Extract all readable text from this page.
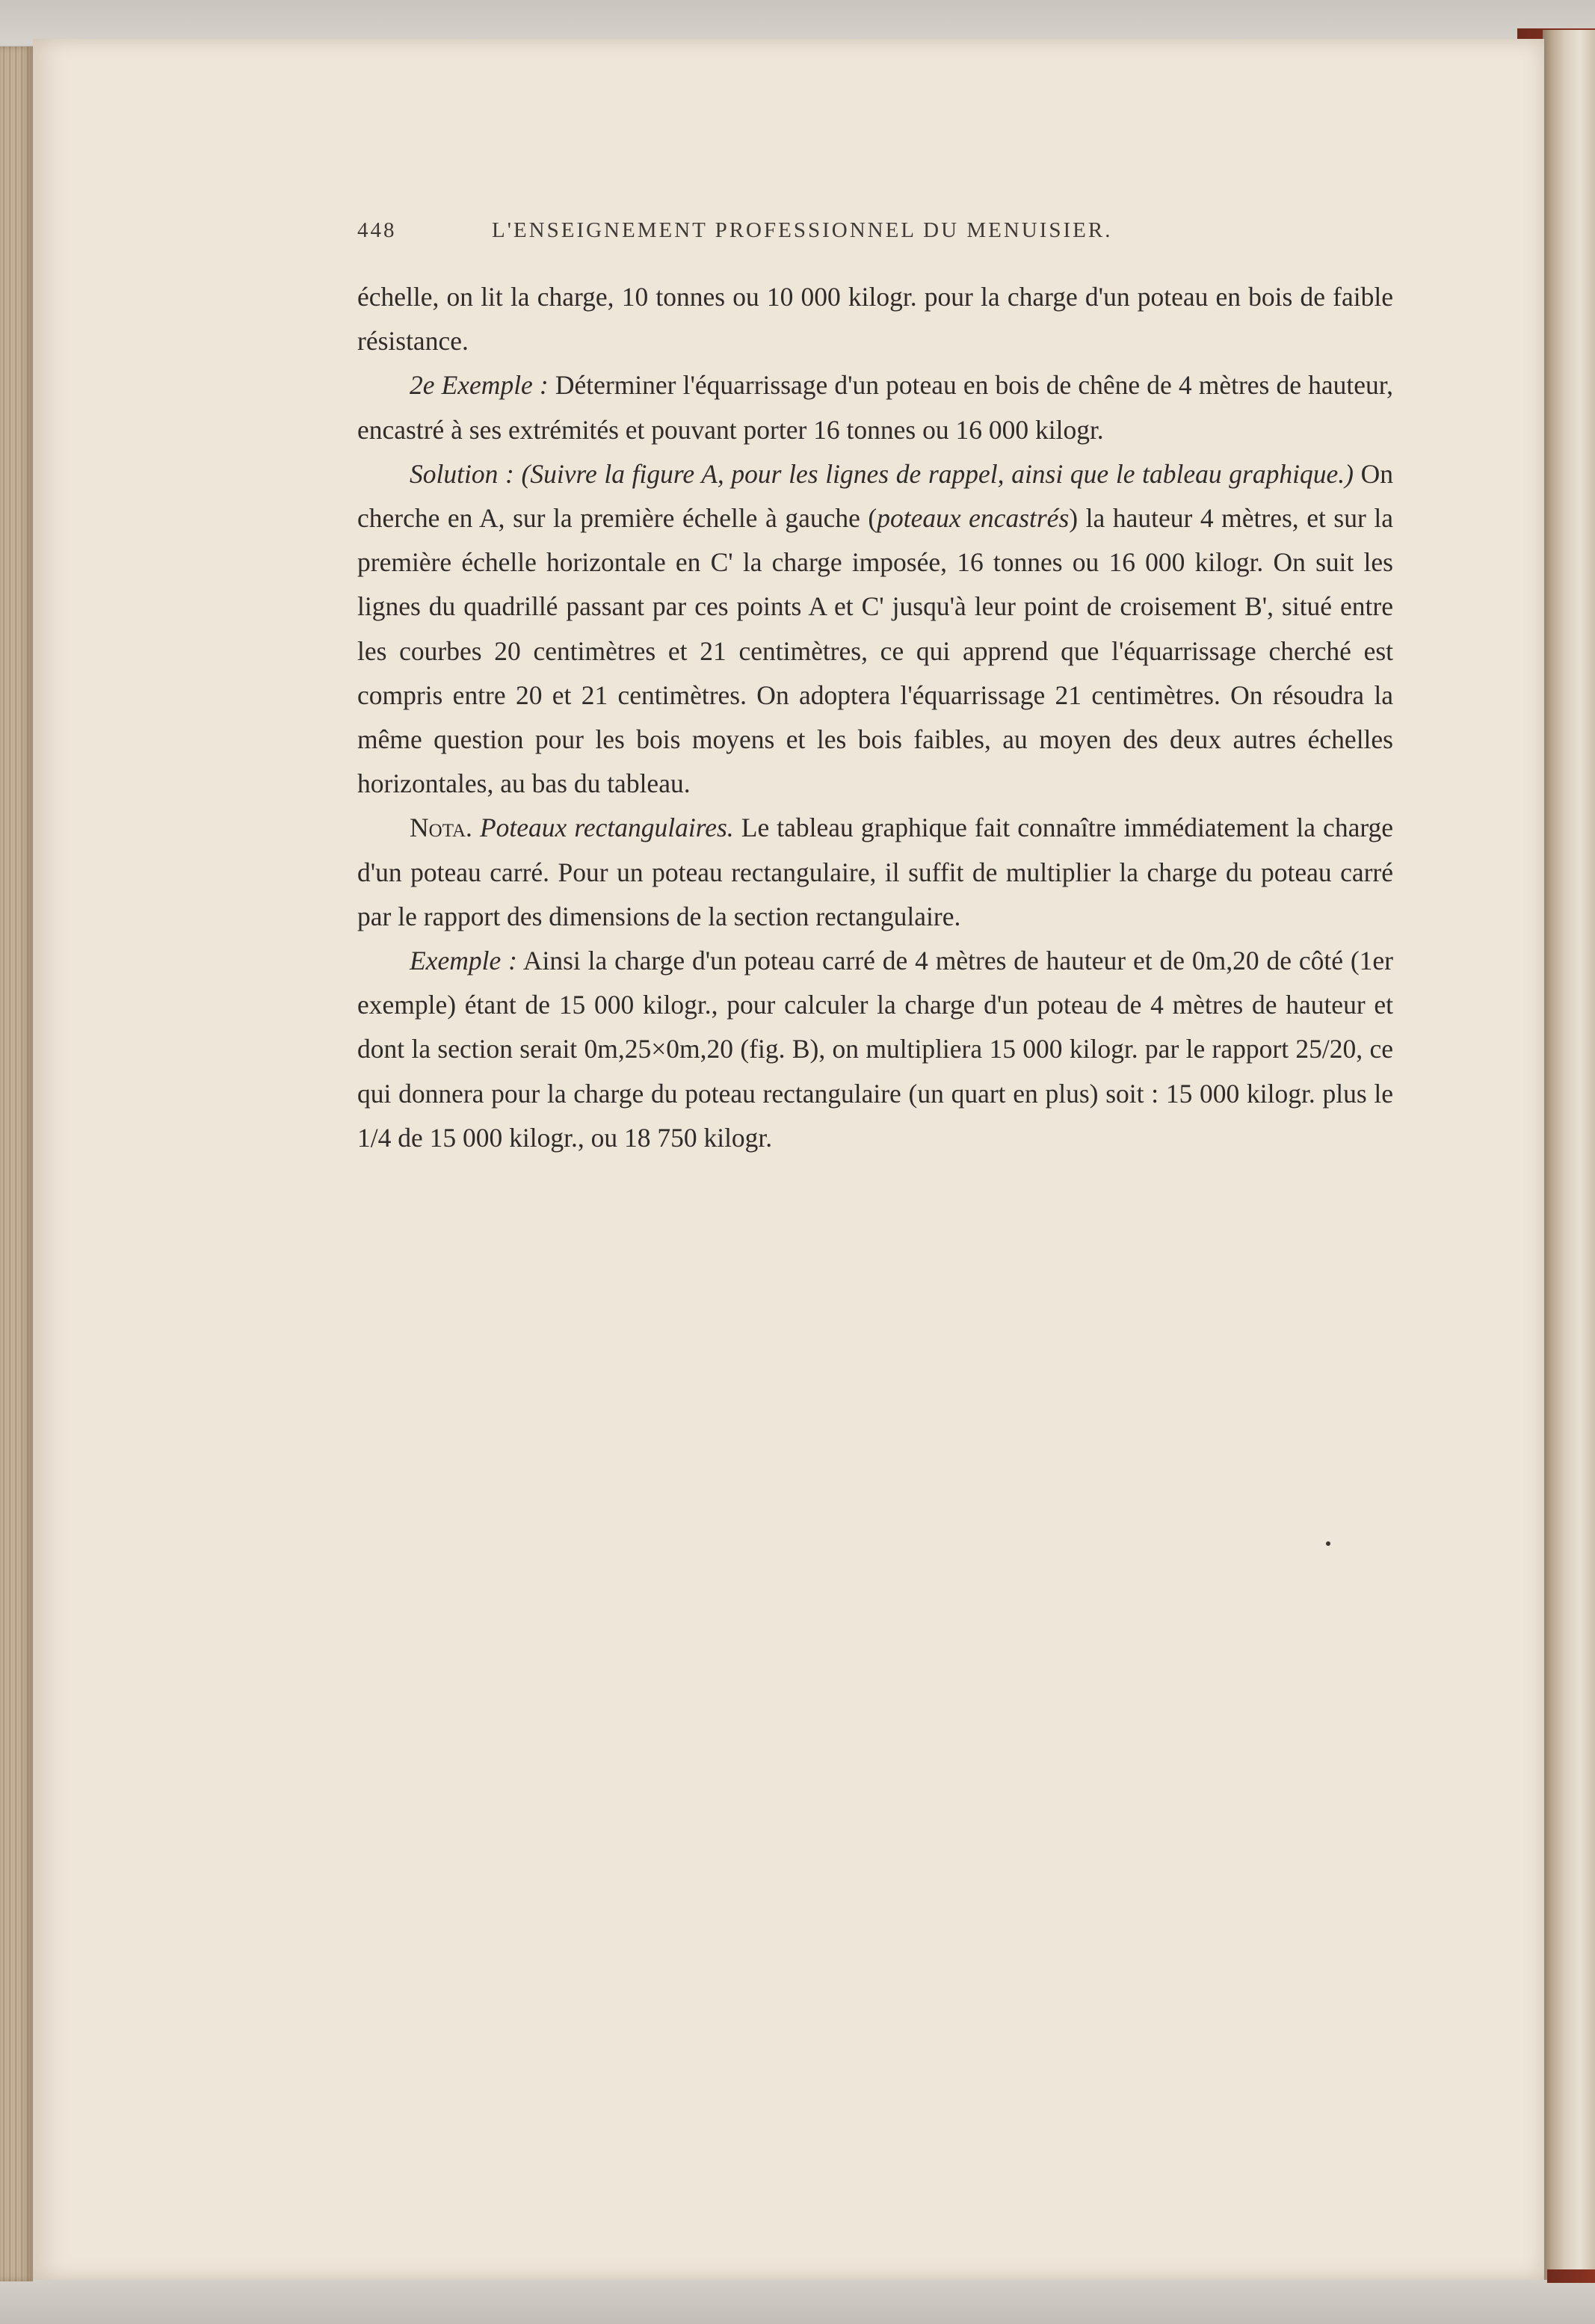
448	L'ENSEIGNEMENT PROFESSIONNEL DU MENUISIER.

échelle, on lit la charge, 10 tonnes ou 10 000 kilogr. pour la charge d'un poteau en bois de faible résistance.

2e Exemple : Déterminer l'équarrissage d'un poteau en bois de chêne de 4 mètres de hauteur, encastré à ses extrémités et pouvant porter 16 tonnes ou 16 000 kilogr.

Solution : (Suivre la figure A, pour les lignes de rappel, ainsi que le tableau graphique.) On cherche en A, sur la première échelle à gauche (poteaux encastrés) la hauteur 4 mètres, et sur la première échelle horizontale en C' la charge imposée, 16 tonnes ou 16 000 kilogr. On suit les lignes du quadrillé passant par ces points A et C' jusqu'à leur point de croisement B', situé entre les courbes 20 centimètres et 21 centimètres, ce qui apprend que l'équarrissage cherché est compris entre 20 et 21 centimètres. On adoptera l'équarrissage 21 centimètres. On résoudra la même question pour les bois moyens et les bois faibles, au moyen des deux autres échelles horizontales, au bas du tableau.

Nota. Poteaux rectangulaires. Le tableau graphique fait connaître immédiatement la charge d'un poteau carré. Pour un poteau rectangulaire, il suffit de multiplier la charge du poteau carré par le rapport des dimensions de la section rectangulaire.

Exemple : Ainsi la charge d'un poteau carré de 4 mètres de hauteur et de 0m,20 de côté (1er exemple) étant de 15 000 kilogr., pour calculer la charge d'un poteau de 4 mètres de hauteur et dont la section serait 0m,25×0m,20 (fig. B), on multipliera 15 000 kilogr. par le rapport 25/20, ce qui donnera pour la charge du poteau rectangulaire (un quart en plus) soit : 15 000 kilogr. plus le 1/4 de 15 000 kilogr., ou 18 750 kilogr.
